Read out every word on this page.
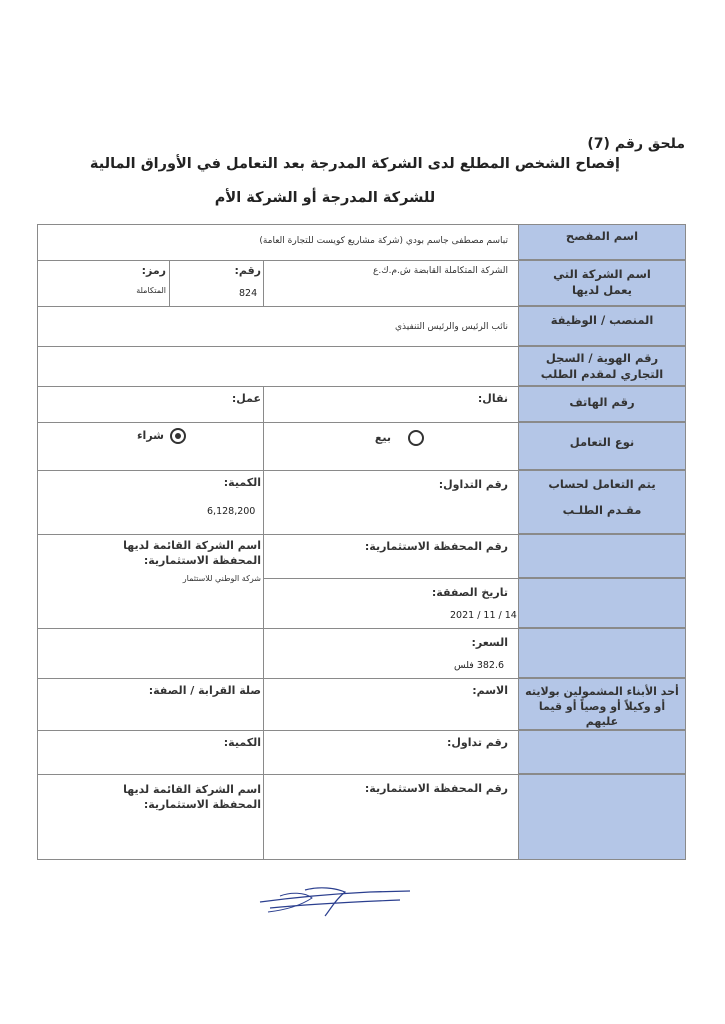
ملحق رقم (7)
إفصاح الشخص المطلع لدى الشركة المدرجة بعد التعامل في الأوراق المالية
للشركة المدرجة أو الشركة الأم
اسم المفصح
اسم الشركة التي يعمل لديها
المنصب / الوظيفة
رقم الهوية / السجل التجاري لمقدم الطلب
رقم الهاتف
نوع التعامل
يتم التعامل لحساب
مقـدم الطلـب
أحد الأبناء المشمولين بولايته أو وكيلاً أو وصياً أو قيما عليهم
تباسم مصطفى جاسم بودي (شركة مشاريع كويست للتجارة العامة)
الشركة المتكاملة القابضة ش.م.ك.ع
رقم:
824
رمز:
المتكاملة
نائب الرئيس والرئيس التنفيذي
نقال:
عمل:
بيع
شراء
رقم التداول:
الكمية:
6,128,200
رقم المحفظة الاستثمارية:
اسم الشركة القائمة لديها المحفظة الاستثمارية:
شركة الوطني للاستثمار
تاريخ الصفقة:
2021 / 11 / 14
السعر:
382.6 فلس
الاسم:
صلة القرابة / الصفة:
رقم تداول:
الكمية:
رقم المحفظة الاستثمارية:
اسم الشركة القائمة لديها المحفظة الاستثمارية:
